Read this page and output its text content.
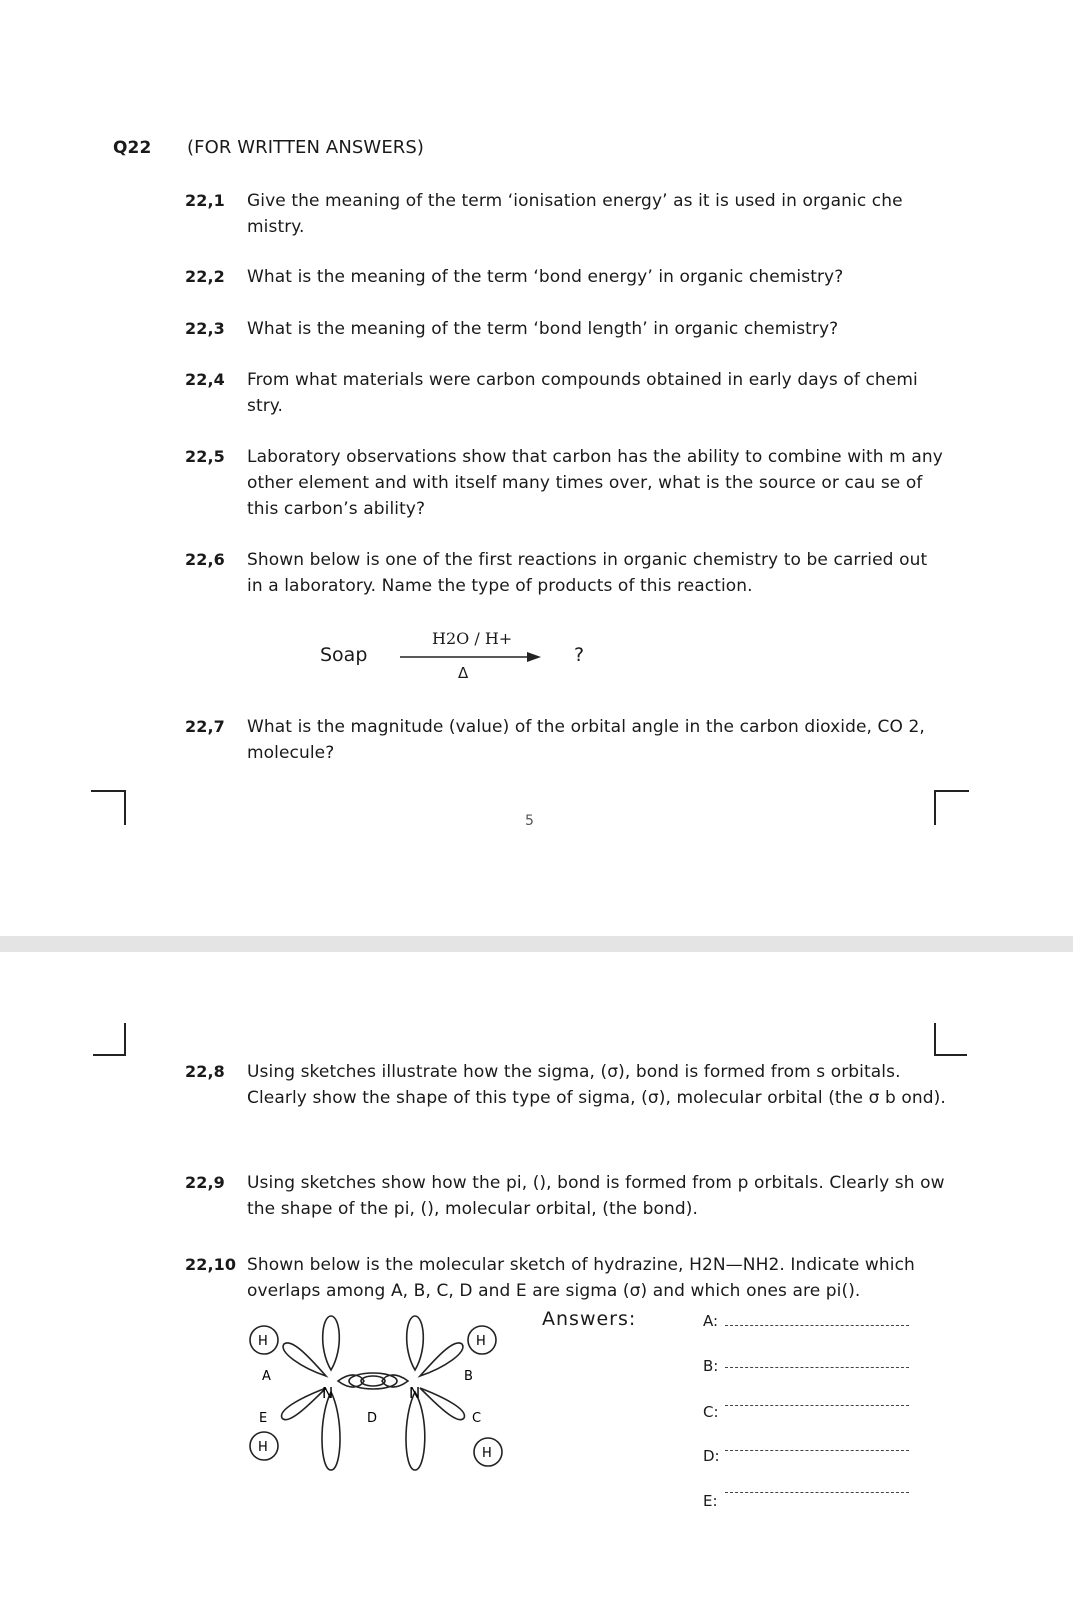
Q22 (FOR WRITTEN ANSWERS)
22,1 Give the meaning of the term ‘ionisation energy’ as it is used in organic che mistry.
22,2 What is the meaning of the term ‘bond energy’ in organic chemistry?
22,3 What is the meaning of the term ‘bond length’ in organic chemistry?
22,4 From what materials were carbon compounds obtained in early days of chemi stry.
22,5 Laboratory observations show that carbon has the ability to combine with m any other element and with itself many times over, what is the source or cau se of this carbon’s ability?
22,6 Shown below is one of the first reactions in organic chemistry to be carried out in a laboratory. Name the type of products of this reaction.
Soap
H2O / H+
Δ
?
22,7 What is the magnitude (value) of the orbital angle in the carbon dioxide, CO 2, molecule?
5
22,8 Using sketches illustrate how the sigma, (σ), bond is formed from s orbitals. Clearly show the shape of this type of sigma, (σ), molecular orbital (the σ b ond).
22,9 Using sketches show how the pi, (), bond is formed from p orbitals. Clearly sh ow the shape of the pi, (), molecular orbital, (the bond).
22,10 Shown below is the molecular sketch of hydrazine, H2N—NH2. Indicate which overlaps among A, B, C, D and E are sigma (σ) and which ones are pi().
H	H
H	H
N	N
A	B
C
D
E
Answers:	A:
B:
C:
D:
E:
